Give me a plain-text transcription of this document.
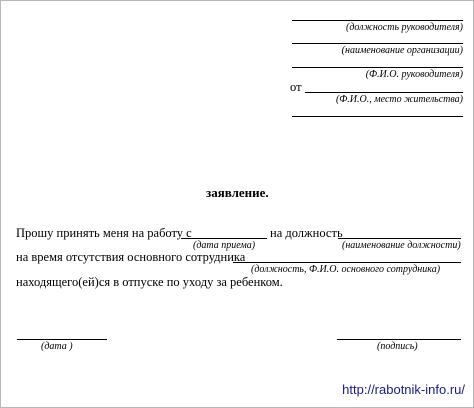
(должность руководителя)
(наименование организации)
(Ф.И.О. руководителя)
от
(Ф.И.О., место жительства)
заявление.
Прошу принять меня на работу с	на должность
(дата приема)	(наименование должности)
на время отсутствия основного сотрудника
(должность, Ф.И.О. основного сотрудника)
находящего(ей)ся в отпуске по уходу за ребенком.
(дата )	(подпись)
http://rabotnik-info.ru/
